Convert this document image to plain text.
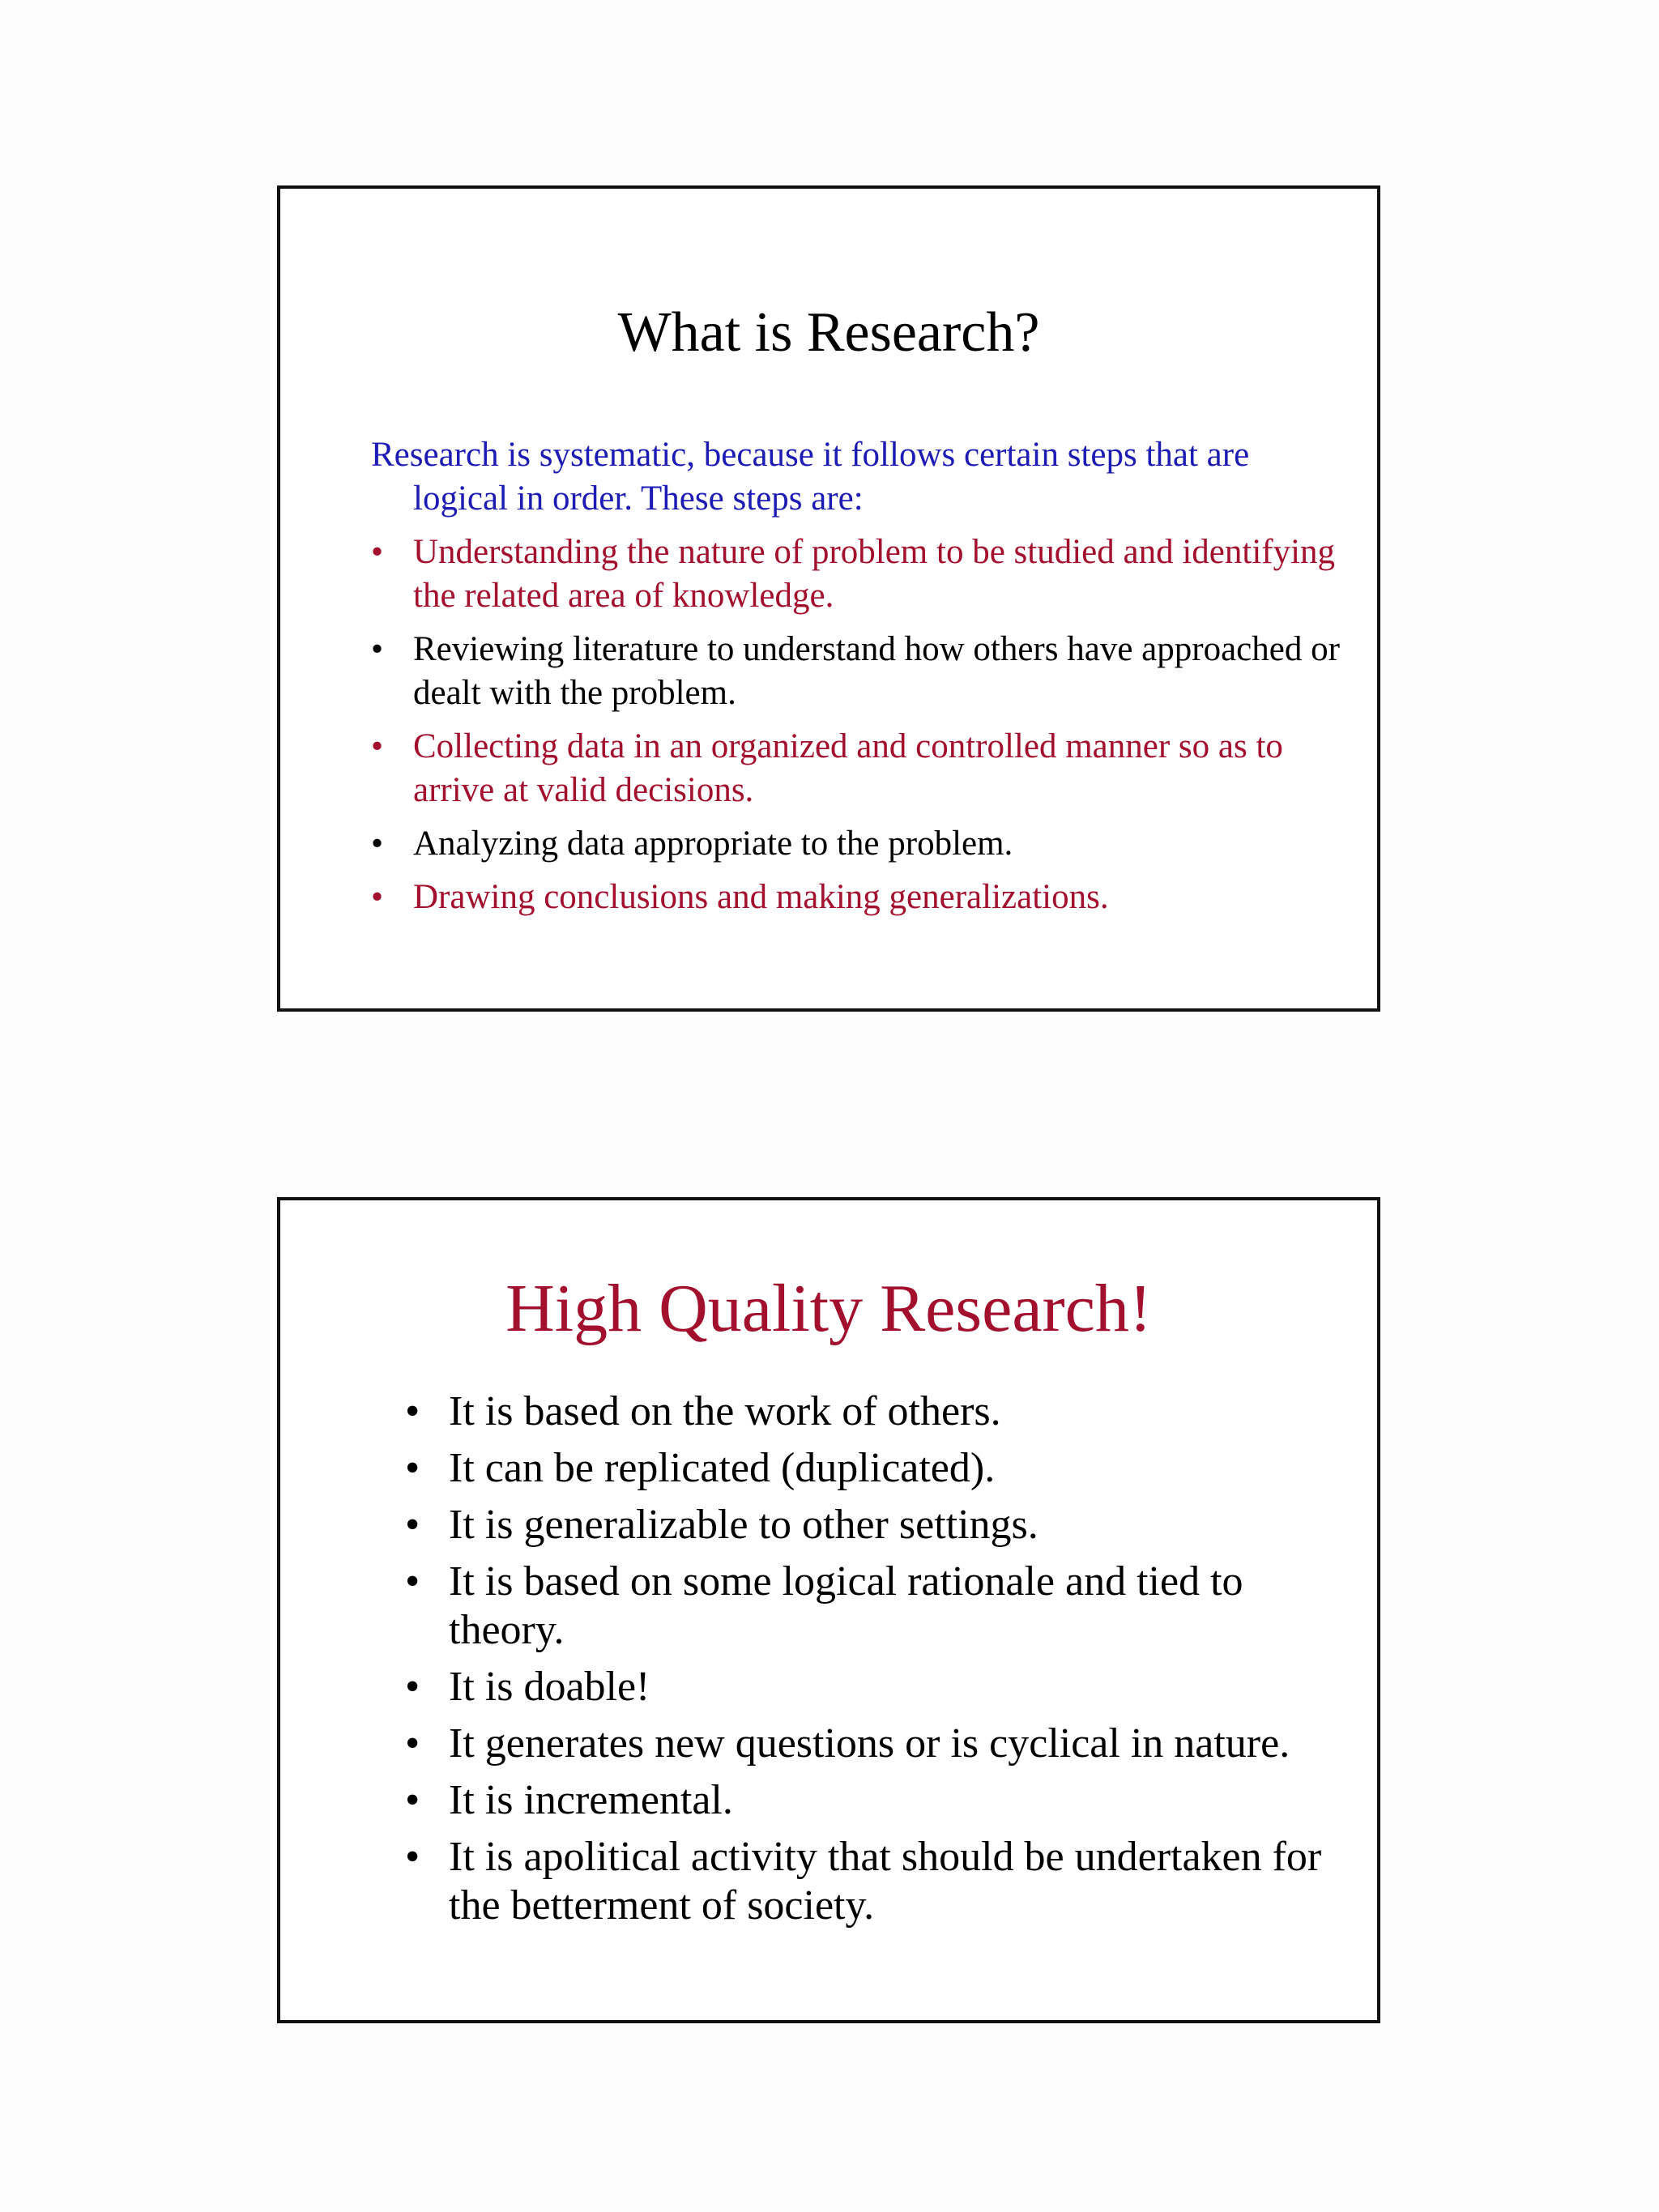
What is Research?

Research is systematic, because it follows certain steps that are logical in order. These steps are:

• Understanding the nature of problem to be studied and identifying the related area of knowledge.
• Reviewing literature to understand how others have approached or dealt with the problem.
• Collecting data in an organized and controlled manner so as to arrive at valid decisions.
• Analyzing data appropriate to the problem.
• Drawing conclusions and making generalizations.
High Quality Research!
• It is based on the work of others.
• It can be replicated (duplicated).
• It is generalizable to other settings.
• It is based on some logical rationale and tied to theory.
• It is doable!
• It generates new questions or is cyclical in nature.
• It is incremental.
• It is apolitical activity that should be undertaken for the betterment of society.
